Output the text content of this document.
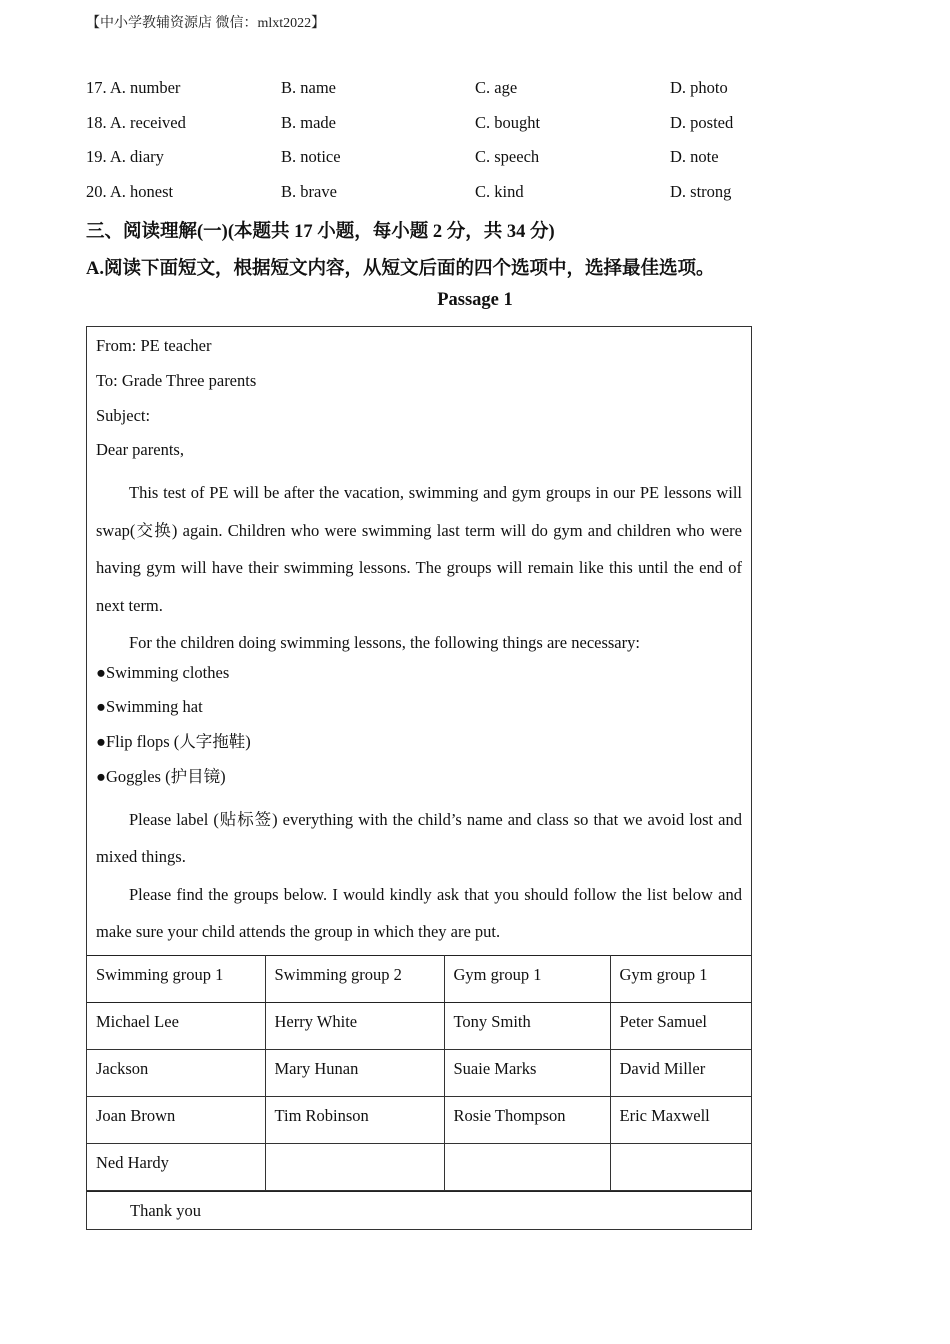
【中小学教辅资源店 微信：mlxt2022】
17. A. number	B. name	C. age	D. photo
18. A. received	B. made	C. bought	D. posted
19. A. diary	B. notice	C. speech	D. note
20. A. honest	B. brave	C. kind	D. strong
三、阅读理解(一)(本题共 17 小题，每小题 2 分，共 34 分)
A.阅读下面短文，根据短文内容，从短文后面的四个选项中，选择最佳选项。
Passage 1
From: PE teacher
To: Grade Three parents
Subject:
Dear parents,

This test of PE will be after the vacation, swimming and gym groups in our PE lessons will swap(交换) again. Children who were swimming last term will do gym and children who were having gym will have their swimming lessons. The groups will remain like this until the end of next term.

For the children doing swimming lessons, the following things are necessary:

●Swimming clothes
●Swimming hat
●Flip flops (人字拖鞋)
●Goggles (护目镜)

Please label (贴标签) everything with the child’s name and class so that we avoid lost and mixed things.

Please find the groups below. I would kindly ask that you should follow the list below and make sure your child attends the group in which they are put.

Swimming group 1	Swimming group 2	Gym group 1	Gym group 1
Michael Lee	Herry White	Tony Smith	Peter Samuel
Jackson	Mary Hunan	Suaie Marks	David Miller
Joan Brown	Tim Robinson	Rosie Thompson	Eric Maxwell
Ned Hardy			
Thank you
